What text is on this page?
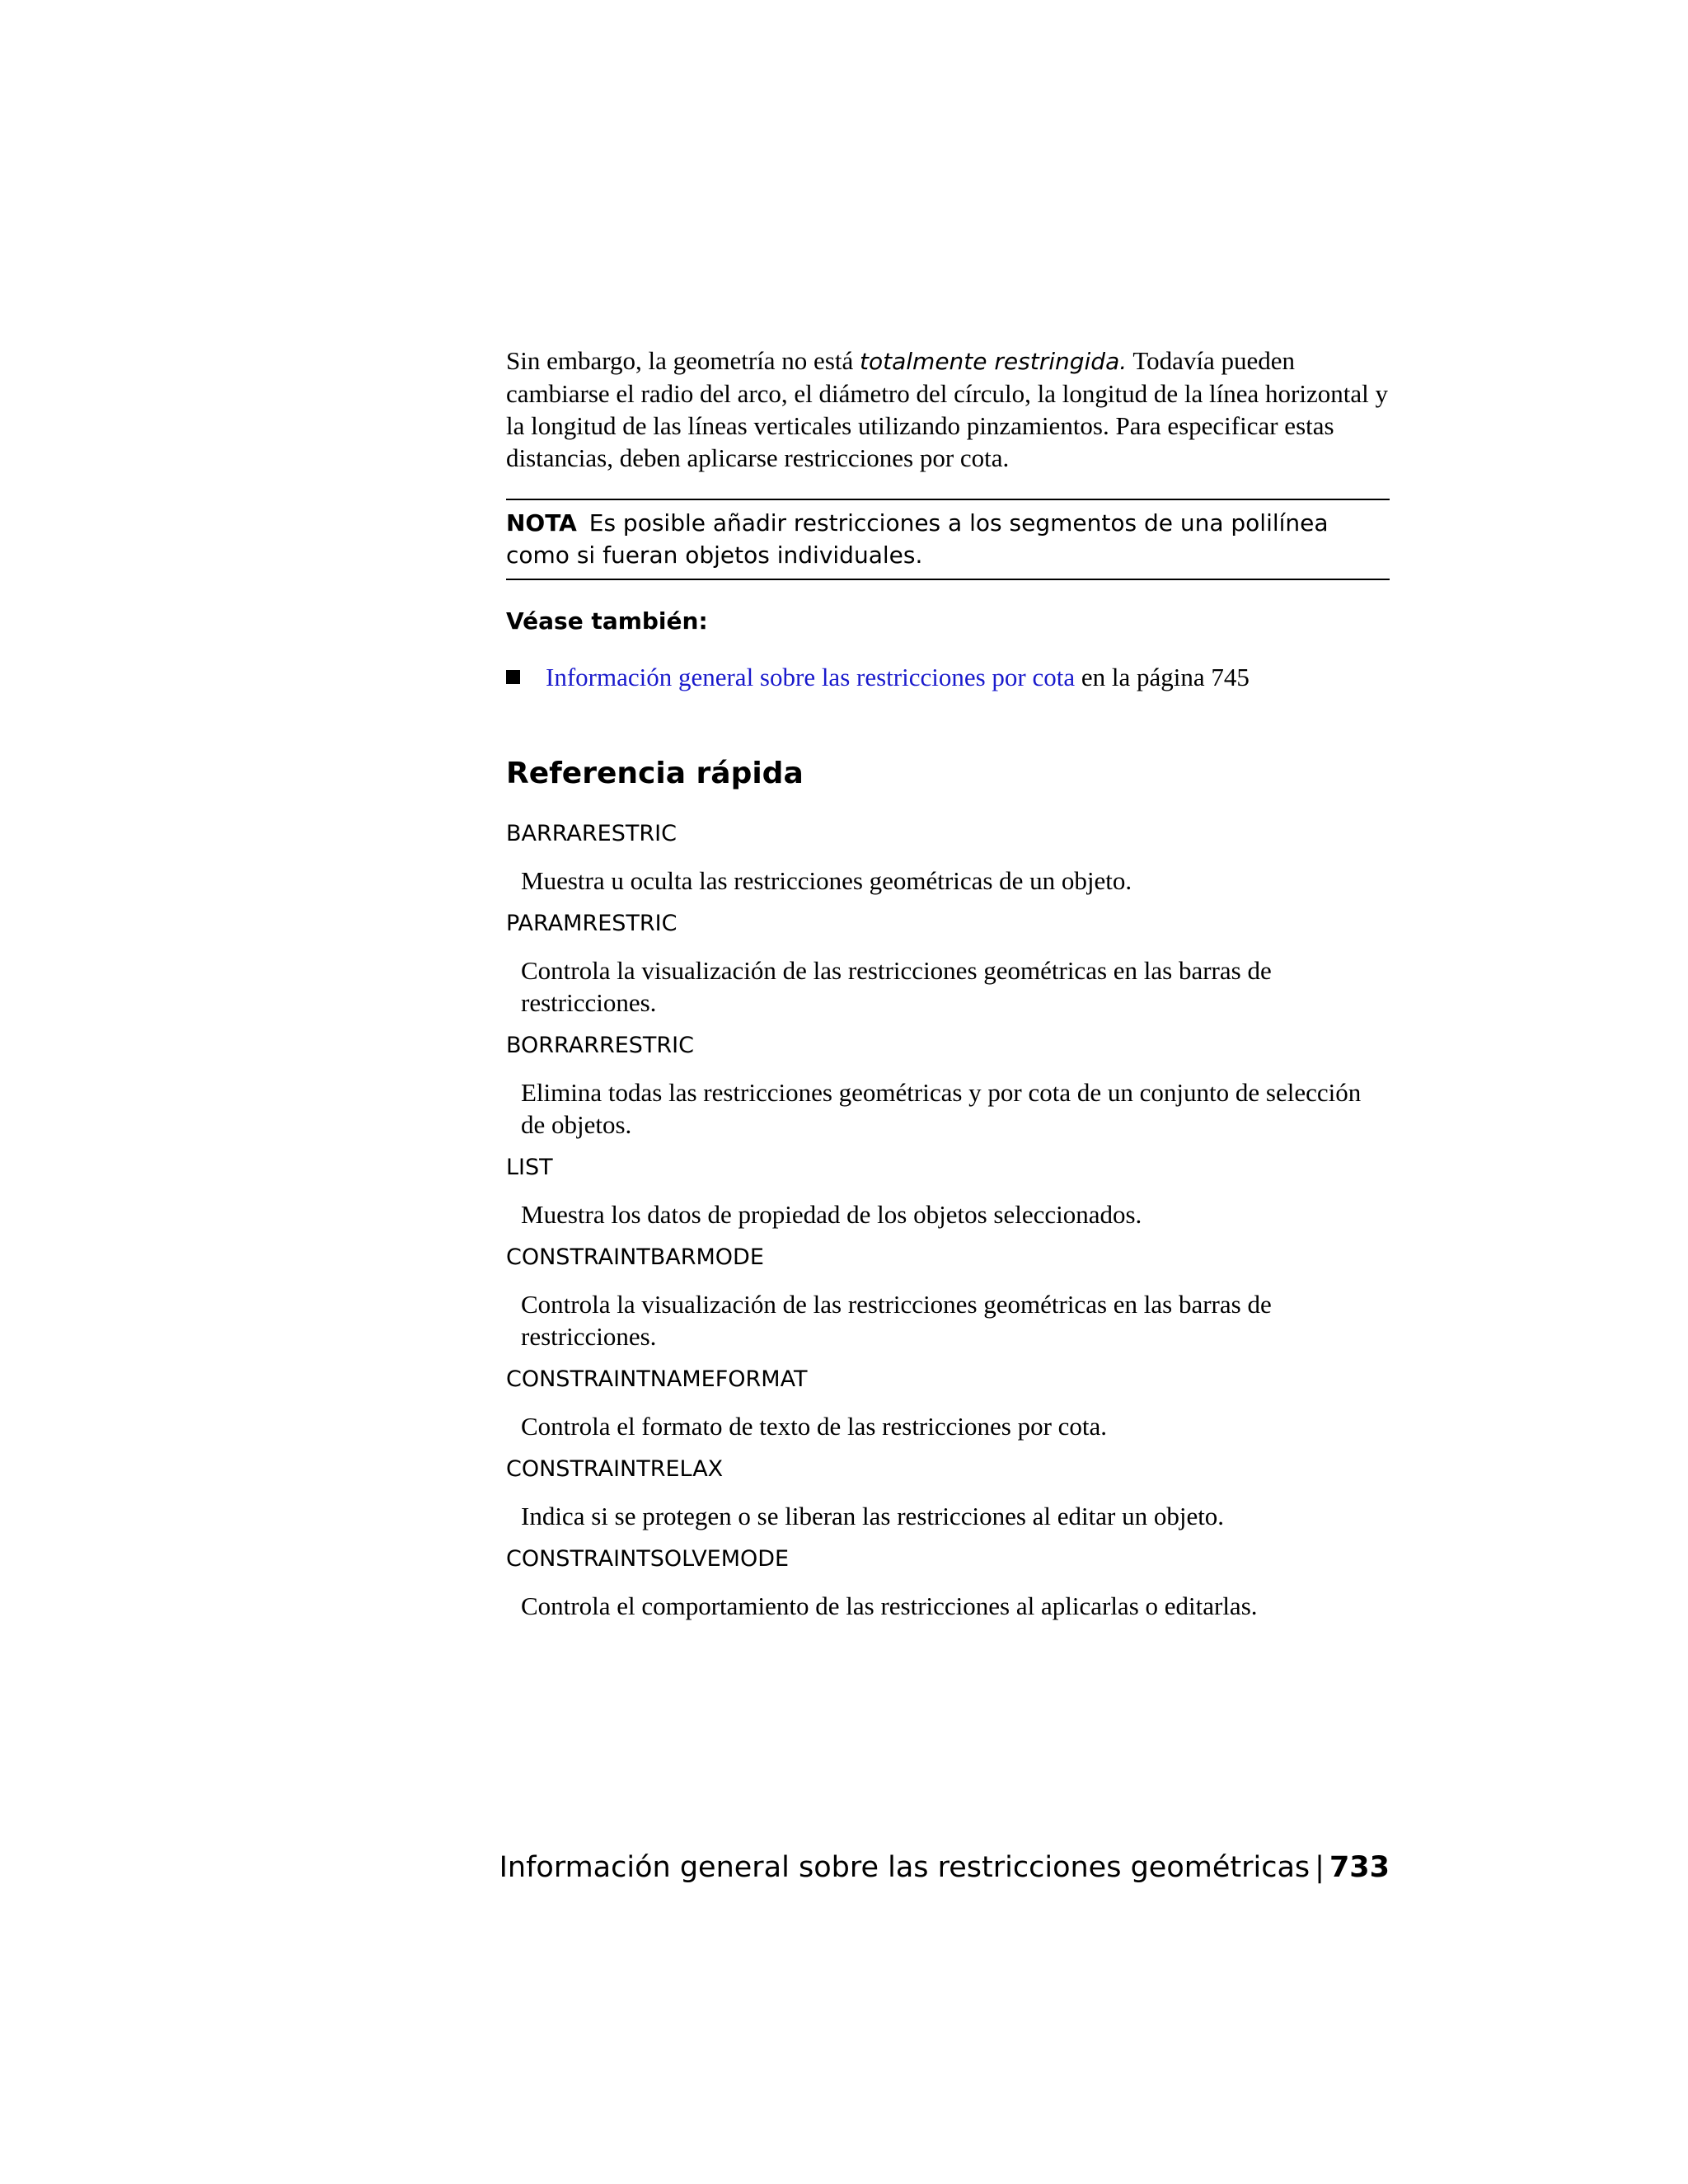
Sin embargo, la geometría no está totalmente restringida. Todavía pueden cambiarse el radio del arco, el diámetro del círculo, la longitud de la línea horizontal y la longitud de las líneas verticales utilizando pinzamientos. Para especificar estas distancias, deben aplicarse restricciones por cota.

NOTA Es posible añadir restricciones a los segmentos de una polilínea como si fueran objetos individuales.
Véase también:
Información general sobre las restricciones por cota en la página 745
Referencia rápida
BARRARESTRIC
Muestra u oculta las restricciones geométricas de un objeto.
PARAMRESTRIC
Controla la visualización de las restricciones geométricas en las barras de restricciones.
BORRARRESTRIC
Elimina todas las restricciones geométricas y por cota de un conjunto de selección de objetos.
LIST
Muestra los datos de propiedad de los objetos seleccionados.
CONSTRAINTBARMODE
Controla la visualización de las restricciones geométricas en las barras de restricciones.
CONSTRAINTNAMEFORMAT
Controla el formato de texto de las restricciones por cota.
CONSTRAINTRELAX
Indica si se protegen o se liberan las restricciones al editar un objeto.
CONSTRAINTSOLVEMODE
Controla el comportamiento de las restricciones al aplicarlas o editarlas.
Información general sobre las restricciones geométricas | 733
